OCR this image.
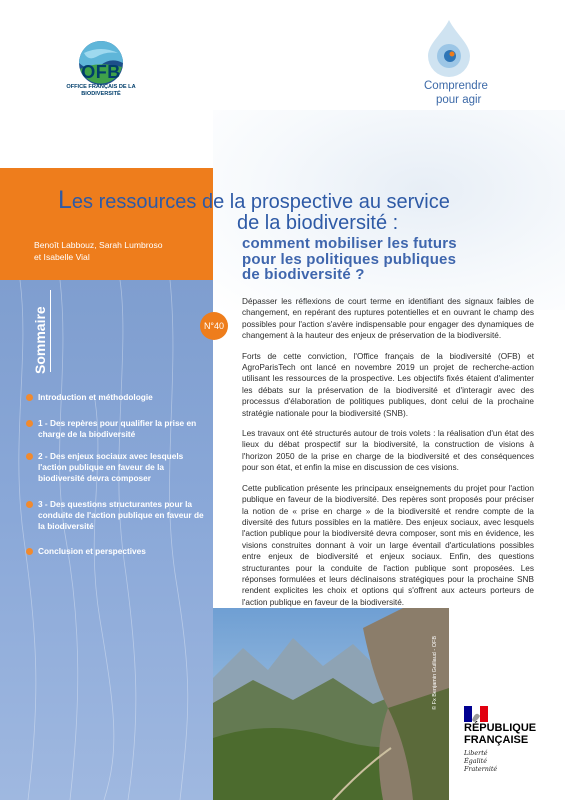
OFB
OFFICE FRANÇAIS DE LA BIODIVERSITÉ
Comprendre
pour agir
Les ressources de la prospective au service
de la biodiversité :
comment mobiliser les futurs
pour les politiques publiques
de biodiversité ?
Benoît Labbouz, Sarah Lumbroso
et Isabelle Vial
Sommaire	N°40
Introduction et méthodologie
1 - Des repères pour qualifier la prise en charge de la biodiversité
2 - Des enjeux sociaux avec lesquels l'action publique en faveur de la biodiversité devra composer
3 - Des questions structurantes pour la conduite de l'action publique en faveur de la biodiversité
Conclusion et perspectives

Dépasser les réflexions de court terme en identifiant des signaux faibles de changement, en repérant des ruptures potentielles et en ouvrant le champ des possibles pour l'action s'avère indispensable pour engager des dynamiques de changement à la hauteur des enjeux de préservation de la biodiversité.

Forts de cette conviction, l'Office français de la biodiversité (OFB) et AgroParisTech ont lancé en novembre 2019 un projet de recherche-action utilisant les ressources de la prospective. Les objectifs fixés étaient d'alimenter les débats sur la préservation de la biodiversité et d'interagir avec des processus d'élaboration de politiques publiques, dont celui de la prochaine stratégie nationale pour la biodiversité (SNB).

Les travaux ont été structurés autour de trois volets : la réalisation d'un état des lieux du débat prospectif sur la biodiversité, la construction de visions à l'horizon 2050 de la prise en charge de la biodiversité et des conséquences pour son état, et enfin la mise en discussion de ces visions.

Cette publication présente les principaux enseignements du projet pour l'action publique en faveur de la biodiversité. Des repères sont proposés pour préciser la notion de « prise en charge » de la biodiversité et rendre compte de la diversité des futurs possibles en la matière. Des enjeux sociaux, avec lesquels l'action publique pour la biodiversité devra composer, sont mis en évidence, les visions construites donnant à voir un large éventail d'articulations possibles entre enjeux de biodiversité et enjeux sociaux. Enfin, des questions structurantes pour la conduite de l'action publique sont proposées. Les réponses formulées et leurs déclinaisons stratégiques pour la prochaine SNB rendent explicites les choix et options qui s'offrent aux acteurs porteurs de l'action publique en faveur de la biodiversité.

© Fx Benjamin Guillaud - OFB
RÉPUBLIQUE
FRANÇAISE
Liberté
Égalité
Fraternité
